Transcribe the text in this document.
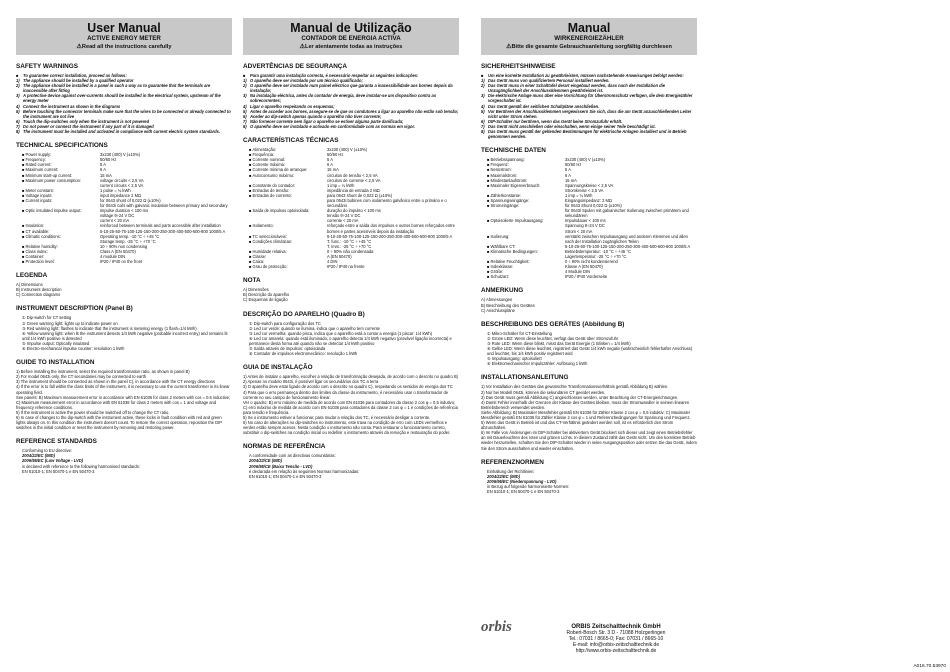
User Manual
ACTIVE ENERGY METER
⚠Read all the instructions carefully
SAFETY WARNINGS
■	To guarantee correct installation, proceed as follows:
1) The appliance should be installed by a qualified operator
2) The appliance should be installed in a panel in such a way as to guarantee that the terminals are inaccessible after fitting
3) A protective device against over-currents should be installed in the electrical system, upstream of the energy meter
4) Connect the instrument as shown in the diagrams
5) Before touching the connector terminals make sure that the wires to be connected or already connected to the instrument are not live
6) Touch the dip-switches only when the instrument is not powered
7) Do not power or connect the instrument if any part of it is damaged
8) The instrument must be installed and activated in compliance with current electric system standards.
TECHNICAL SPECIFICATIONS
■ Power supply:	3x230 (400) V (±10%)
■ Frequency:	50/60 Hz
■ Rated current:	5 A
■ Maximum current:	6 A
■ Minimum start-up current:	15 mA
■ Maximum power consumption:	voltage circuits < 2,5 VA
current circuits < 2,5 VA
■ Meter constant:	1 pulse = ¼ kWh
■ Voltage inputs:	input impedance 2 MΩ
■ Current inputs:	for 0643 shunt of 0,022 Ω (±10%)
for 0643i coils with galvanic insulation between primary and secondary
■ Optic insulated impulse output:	impulse duration < 100 ms
voltage 9÷24 V DC
current < 20 mA
■ Insulation:	reinforced between terminals and parts accessible after installation
■ CT available:	5-10-25-50-75-100-125-150-200-250-300-400-500-600-800 1000/5 A
■ Climatic conditions:	Operating temp. -10 °C ÷ +45 °C
Storage temp. -25 °C ÷ +70 °C
■ Relative humidity:	10 ÷ 90% non condensing
■ Class index:	Class A (EN 50470)
■ Container:	4 module DIN
■ Protection level:	IP20 / IP40 on the front
LEGENDA
A) Dimensions
B) Instrument description
C) Connection diagrams
INSTRUMENT DESCRIPTION (Panel B)
① Dip-switch for CT setting
② Green warning light: lights up to indicate power on
③ Red warning light: flashes to indicate that the instrument is metering energy (1 flash=1/4 kWh)
④ Yellow warning light: when lit the instrument detects 1/4 kWh negative (probable incorrect entry) and remains lit until 1/4 kWh positive is detected
⑤ Impulse output: Optically insulated
⑥ Electro-mechanical impulse counter: resolution 1 kWh
GUIDE TO INSTALLATION
1) Before installing the instrument, select the required transformation ratio, as shown in panel B)
2) For model 0643i only, the CT secondaries may be connected to earth
3) The instrument should be connected as shown in the panel C), in accordance with the CT energy directions
4) If the error is to fall within the class limits of the instrument, it is necessary to use the current transformer in its linear operating field.
See panels: B) Maximum measurement error in accordance with EN 61036 for class 2 meters with cos = 0.5 inductive; C) Maximum measurement error in accordance with EN 61036 for class 2 meters with cos = 1 and voltage and frequency reference conditions.
5) If the instrument is active the power should be switched off to change the CT ratio.
6) In case of changes to the dip-switch with the instrument active, these locks in fault condition with red and green lights always on. In this condition the instrument doesn't count. To restore the correct operation, reposition the DIP switches in the initial condition or reset the instrument by removing and restoring power.
REFERENCE STANDARDS
Conforming to EU directive:
2004/22/EC (MID)
2006/95/EC (Low Voltage - LVD)
is declared with reference to the following harmonised standards:
EN 61010-1; EN 50470-1 e EN 50470-3
Manual de Utilização
CONTADOR DE ENERGIA ACTIVA
⚠Ler atentamente todas as instruções
ADVERTÊNCIAS DE SEGURANÇA
■	Para garantir uma instalação correcta, é necessário respeitar as seguintes indicações:
1) O aparelho deve ser instalado por um técnico qualificado;
2) O aparelho deve ser instalado num painel eléctrico que garanta a inacessibilidade aos bornes depois da instalação;
3) Na instalação eléctrica, antes do contador de energia, deve instalar-se um dispositivo contra as sobrecorrentes;
4) Ligar o aparelho respeitando os esquemas;
5) Antes de acceder aos bornes, assegure-se de que os condutores a ligar ao aparelho não estão sob tensão;
6) Aceder ao dip-switch apenas quando o aparelho não tiver corrente;
7) Não fornecer corrente nem ligar o aparelho se estiver alguma parte danificada;
8) O aparelho deve ser instalado e activado em conformidade com as normas em vigor.
CARACTERÍSTICAS TÉCNICAS
■ Alimentação:	3x230 (400) V (±10%)
■ Frequência:	50/60 Hz
■ Corrente nominal:	5 A
■ Corrente máxima:	6 A
■ Corrente mínima de arranque:	15 mA
■ Autoconsumo máximo:	circuitos de tensão < 2,5 VA
circuitos de corrente < 2,5 VA
■ Constante do contador:	1 imp = ¼ kWh
■ Entradas de tensão:	impedância de entrada 2 MΩ
■ Entradas de corrente:	para 0643 shunt de 0,022 Ω (±10%)
para 0643i bobines com isolamento galvânico entre o primário e o secundário
■ Saída de impulsos optoisolada:	duração do impulso < 100 ms
tensão 9÷24 V DC
corrente < 20 mA
■ Isolamento:	reforçado entre a saída dos impulsos e outros bornes reforçados entre bornes e partes acessíveis depois da instalação
■ TC seleccionáveis:	5-10-25-50-75-100-125-150-200-250-300-400-500-600-800 1000/5 A
■ Condições climáticas:	T. func.: -10 °C ÷ +45 °C
T. imm.: -25 °C ÷ +70 °C
■ Humidade relativa:	0 ÷ 90% não condensada
■ Classe:	A (EN 50470)
■ Caixa:	4 DIN
■ Grau de protecção:	IP20 / IP40 na frente
NOTA
A) Dimensões
B) Descrição do aparelho
C) Esquemas de ligação
DESCRIÇÃO DO APARELHO (Quadro B)
① Dip-switch para configuração dos TC
② Led cor verde: quando se ilumina, indica que o aparelho tem corrente
③ Led cor vermelha: quando pisca, indica que o aparelho está a contar a energia (1 piscar: 1/4 kWh)
④ Led cor amarela: quando está iluminado, o aparelho detecta 1/4 kWh negativo (provável ligação incorrecta) e permanece desta forma até quando não se detectar 1/4 kWh positivo
⑤ Saída através de impulsos: optoisolada
⑥ Contador de impulsos electromecânico: resolução 1 kWh
GUIA DE INSTALAÇÃO
1) Antes de instalar o aparelho, escolher a relação de transformação desejada, de acordo com o descrito no quadro B)
2) Apenas no modelo 0643i, é possível ligar os secundários dos TC a terra
3) O aparelho deve estar ligado de acordo com o descrito no quadro C), respeitando os sentidos de energia dos TC
4) Para que o erro permaneça dentro dos limites da classe do instrumento, é necessário usar o transformador de corrente no seu campo de funcionamento linear.
Ver o quadro: B) erro máximo de medida de acordo com EN 61036 para contadores da classe 2 cos φ = 0,5 indutivo; C) erro máximo de medida de acordo com EN 61036 para contadores da classe 2 cos φ = 1 e condições de referência para tensão e frequência.
5) Se o instrumento estiver a funcionar, para mudar a relação dos TC, é necessário desligar a corrente.
6) No caso de alterações no dip-switches no instrumento, este trava na condição de erro com LEDs vermelhos e verdes estão sempre acesos. Nesta condição o instrumento não conta. Para restaurar o funcionamento correto, substituir o dip-switches na condição inicial ou redefinir o instrumento através da remoção e restauração do poder.
NORMAS DE REFERÊNCIA
A conformidade com as directivas comunitárias:
2004/22/CE (MID)
2006/95/CE (Baixa Tensão - LVD)
é declarada em relação às seguintes Normas harmonizadas:
EN 61010-1; EN 50470-1 e EN 50470-3
Manual
WIRKENERGIEZÄHLER
⚠Bitte die gesamte Gebrauchsanleitung sorgfältig durchlesen
SICHERHEITSHINWEISE
■	Um eine korrekte Installation zu gewährleisten, müssen nachstehende Anweisungen befolgt werden:
1) Das Gerät muss von qualifiziertem Personal installiert werden.
2) Das Gerät muss in einer Schalttafel derart eingebaut werden, dass nach der Installation die Unzugänglichkeit der Anschlussklemmen gewährleistet ist.
3) Die elektrische Anlage muss über eine Vorrichtung für Überstromschutz verfügen, die dem Energiezähler vorgeschaltet ist.
4) Das Gerät gemäß der seitlichen Schaltpläne anschließen.
5) Vor Berühren der Anschlussklemmen vergewissern Sie sich, dass die am Gerät anzuschließenden Leiter nicht unter Strom stehen.
6) DIP-Schalter nur berühren, wenn das Gerät keine Stromzufuhr erhält.
7) Das Gerät nicht anschließen oder einschalten, wenn einige seiner Teile beschädigt ist.
8) Das Gerät muss gemäß der geltenden Bestimmungen für elektrische Anlagen installiert und in Betrieb genommen werden.
TECHNISCHE DATEN
■ Betriebsspannung:	3x230 (400) V (±10%)
■ Frequenz:	50/60 Hz
■ Nennstrom:	5 A
■ Maximalstrom:	6 A
■ Mindestanlaufstrom:	15 mA
■ Maximaler Eigenverbrauch:	Spannungskreise < 2,5 VA
Stromkreise < 2,5 VA
■ Zählerkonstante:	1 imp = ¼ kWh
■ Spannungseingänge:	Eingangsimpedanz: 2 MΩ
■ Stromeingänge:	für 0643 Shunt 0,022 Ω (±10%)
für 0643i Spulen mit galvanischer Isolierung zwischen primärem und sekundärem
■ Optoisolierte Impulsausgang:	Impulsdauer < 100 ms
Spannung 9÷24 V DC
Strom < 20 mA
■ Isolierung:	verstärkt zwischen Impulsausgang und anderen Klemmen und allen nach der Installation zugänglichen Teilen
■ Wählbare CT:	5-10-25-50-75-100-125-150-200-250-300-400-500-600-800 1000/5 A
■ Klimatische Bedingungen:	Betriebstemperatur: -10 °C ÷ +45 °C
Lagertemperatur: -25 °C ÷ +70 °C
■ Relative Feuchtigkeit:	0 ÷ 90% nicht kondensierend
■ Indexklasse:	Klasse A (EN 50470)
■ Größe:	4 Module DIN
■ Schutzart:	IP20 / IP40 Vorderseite
ANMERKUNG
A) Abmessungen
B) Beschreibung des Gerätes
C) Anschlusspläne
BESCHREIBUNG DES GERÄTES (Abbildung B)
① Mikro-Schalter für CT-Einstellung
② Grüne LED: Wenn diese leuchtet, verfügt das Gerät über Stromzufuhr
③ Rote LED: Wenn diese blinkt, misst das Gerät Energie (1 Blinken = 1/4 kWh)
④ Gelbe LED: Wenn diese leuchtet, registriert das Gerät 1/4 kWh negativ (wahrscheinlich fehlerhafter Anschluss) und leuchtet, bis 1/4 kWh positiv registriert wird
⑤ Impulsausgang: optoisoliert
⑥ Elektromechanischer Impulszähler: Auflösung 1 kWh
INSTALLATIONSANLEITUNG
1) Vor Installation des Gerätes das gewünschte Transformationsverhältnis gemäß Abbildung B) wählen.
2) Nur bei Modell 0643i, können die sekundären CT geerdet werden.
3) Das Gerät muss gemäß Abbildung C) angeschlossen werden, unter Beachtung der CT-Energierichtungen.
4) Damit Fehler innerhalb der Grenzen der Klasse des Gerätes bleiben, muss der Stromwandler in seinem linearen Betriebsbereich verwendet werden.
Siehe Abbildung: B) Maximaler Messfehler gemäß EN 61036 für Zähler Klasse 2 cos φ = 0,5 induktiv; C) Maximaler Messfehler gemäß EN 61036 für Zähler Klasse 2 cos φ = 1 und Referenzbedingungen für Spannung und Frequenz.
5) Wenn das Gerät in Betrieb ist und das CT-Verhältnis geändert werden soll, ist es erforderlich den Strom abzuschalten.
6) Im Falle von Änderungen im DIP-Schalter bei aktiviertem Gerät blockiert sich dieser und zeigt einen Betriebsfehler an mit Dauerleuchten des roten und grünen Lichts. In diesem Zustand zählt das Gerät nicht. Um den korrekten Betrieb wieder herzustellen, schalten Sie den DIP-Schalter wieder in seine Ausgangsposition oder setzen Sie das Gerät, indem Sie den Strom ausschalten und wieder einschalten.
REFERENZNORMEN
Einhaltung der Richtlinien:
2004/22/EC (MID)
2006/95/EC (Niederspannung - LVD)
in Bezug auf folgende harmonisierte Normen:
EN 61010-1; EN 50470-1 e EN 50470-3
orbis	ORBIS Zeitschalttechnik GmbH
Robert-Bosch Str. 3 D - 71088 Holzgerlingen
Tel.: 07031 / 8665-0; Fax: 07031 / 8665-10
E-mail: info@orbis-zeitschalttechnik.de
http://www.orbis-zeitschalttechnik.de
A016.70.53970
